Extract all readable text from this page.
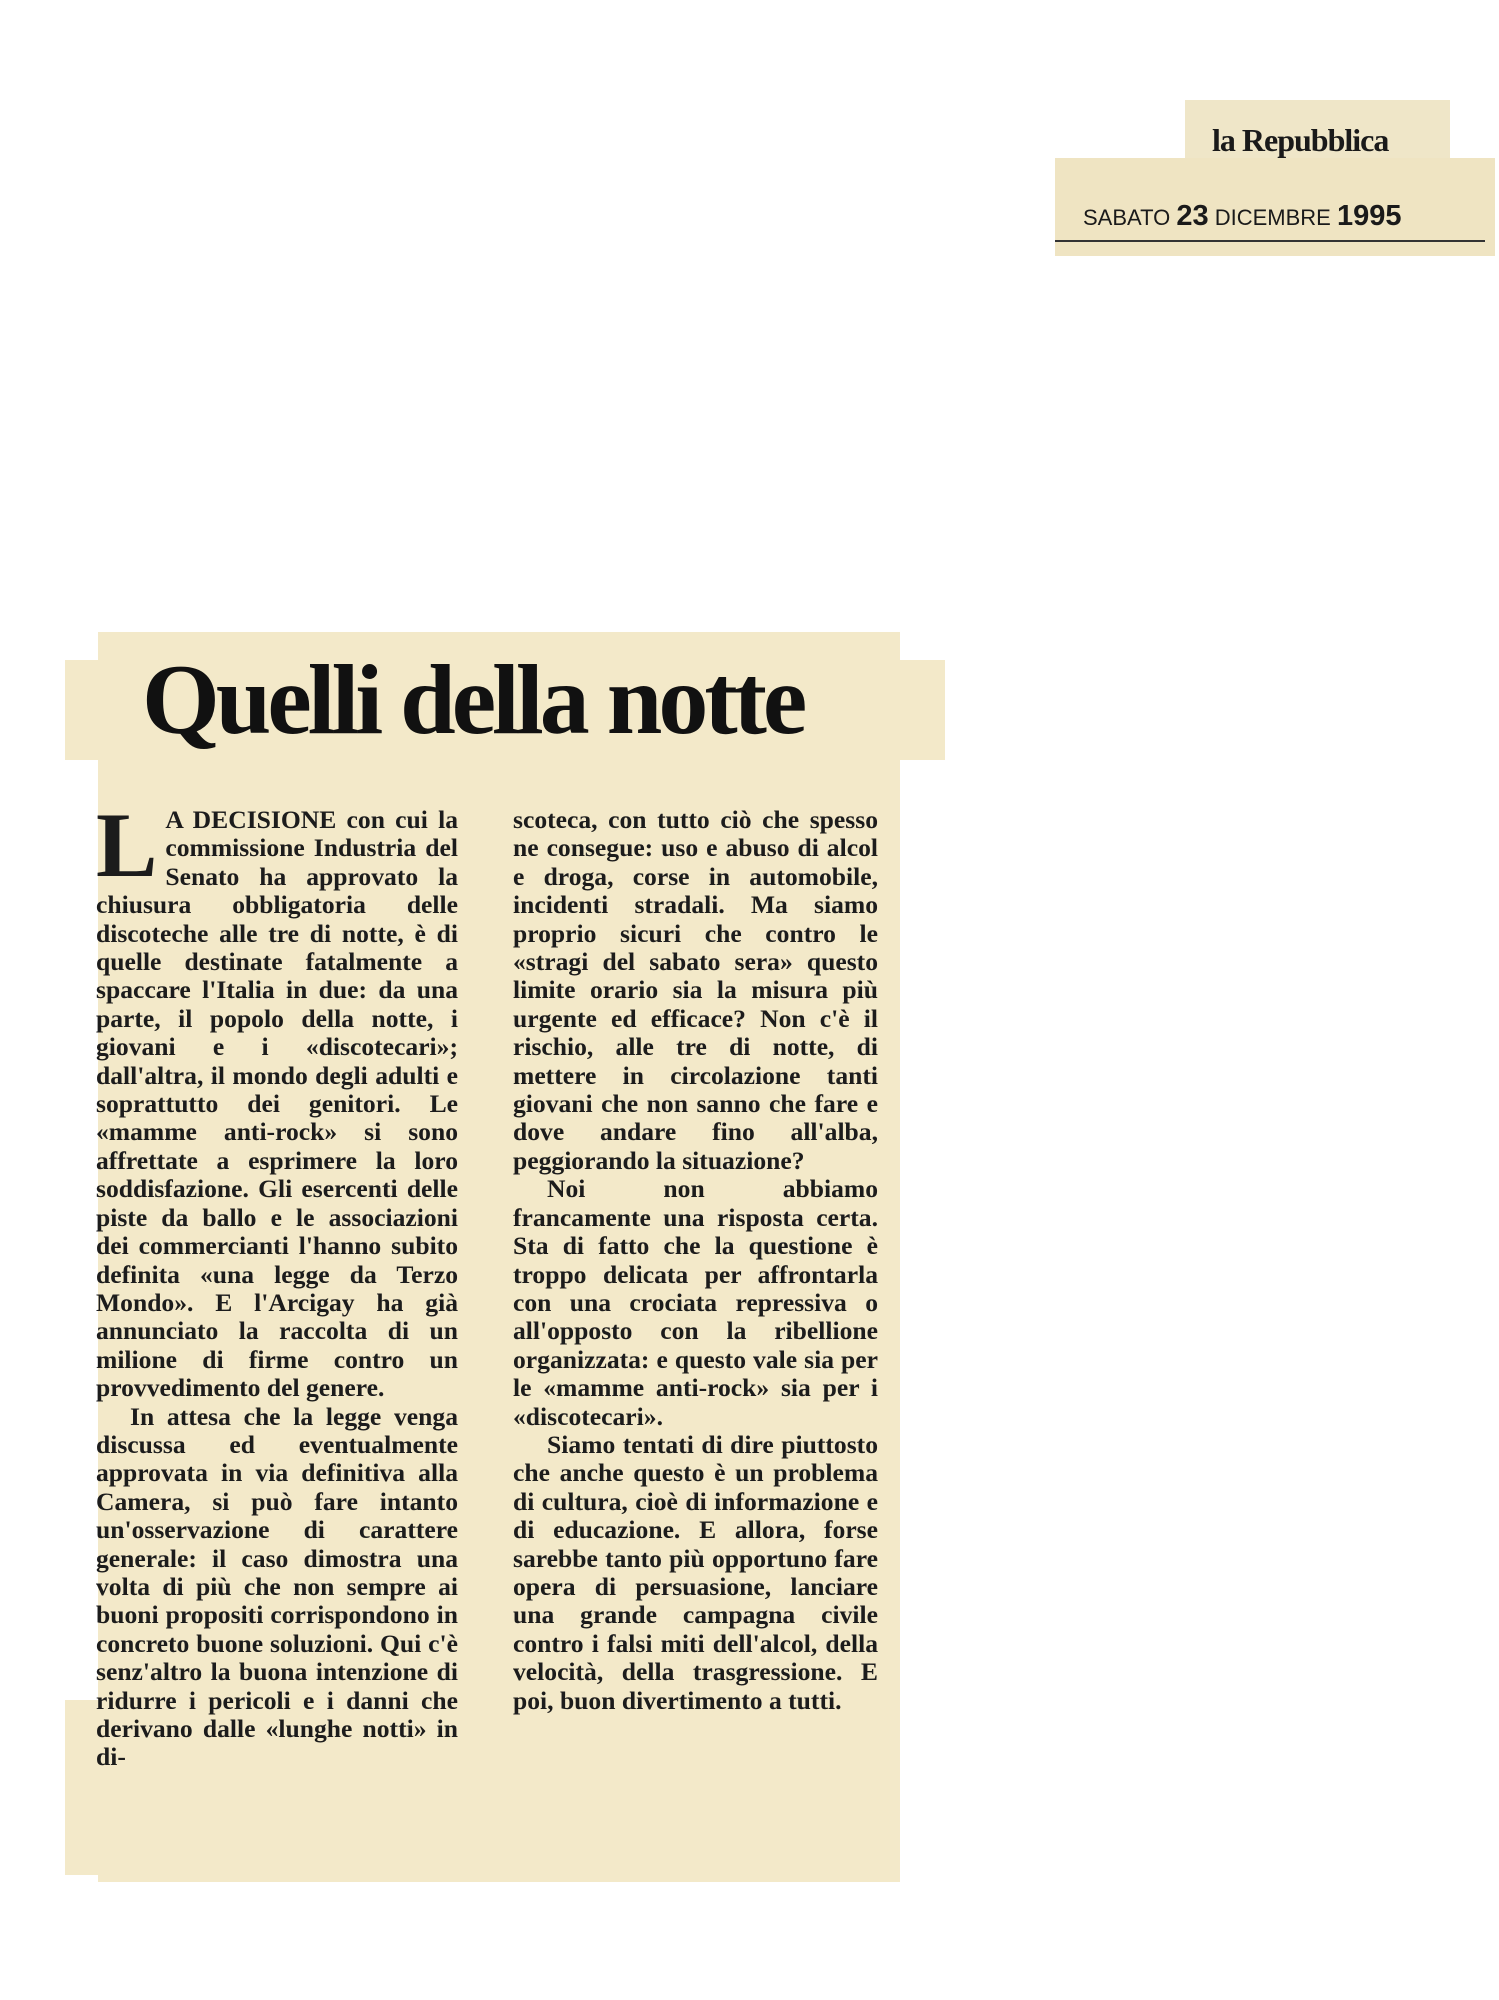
la Repubblica
SABATO 23 DICEMBRE 1995
Quelli della notte

L A DECISIONE con cui la commissione Industria del Senato ha approvato la chiusura obbligatoria delle discoteche alle tre di notte, è di quelle destinate fatalmente a spaccare l'Italia in due: da una parte, il popolo della notte, i giovani e i «discotecari»; dall'altra, il mondo degli adulti e soprattutto dei genitori. Le «mamme anti-rock» si sono affrettate a esprimere la loro soddisfazione. Gli esercenti delle piste da ballo e le associazioni dei commercianti l'hanno subito definita «una legge da Terzo Mondo». E l'Arcigay ha già annunciato la raccolta di un milione di firme contro un provvedimento del genere.

In attesa che la legge venga discussa ed eventualmente approvata in via definitiva alla Camera, si può fare intanto un'osservazione di carattere generale: il caso dimostra una volta di più che non sempre ai buoni propositi corrispondono in concreto buone soluzioni. Qui c'è senz'altro la buona intenzione di ridurre i pericoli e i danni che derivano dalle «lunghe notti» in di-

scoteca, con tutto ciò che spesso ne consegue: uso e abuso di alcol e droga, corse in automobile, incidenti stradali. Ma siamo proprio sicuri che contro le «stragi del sabato sera» questo limite orario sia la misura più urgente ed efficace? Non c'è il rischio, alle tre di notte, di mettere in circolazione tanti giovani che non sanno che fare e dove andare fino all'alba, peggiorando la situazione?

Noi non abbiamo francamente una risposta certa. Sta di fatto che la questione è troppo delicata per affrontarla con una crociata repressiva o all'opposto con la ribellione organizzata: e questo vale sia per le «mamme anti-rock» sia per i «discotecari».

Siamo tentati di dire piuttosto che anche questo è un problema di cultura, cioè di informazione e di educazione. E allora, forse sarebbe tanto più opportuno fare opera di persuasione, lanciare una grande campagna civile contro i falsi miti dell'alcol, della velocità, della trasgressione. E poi, buon divertimento a tutti.
